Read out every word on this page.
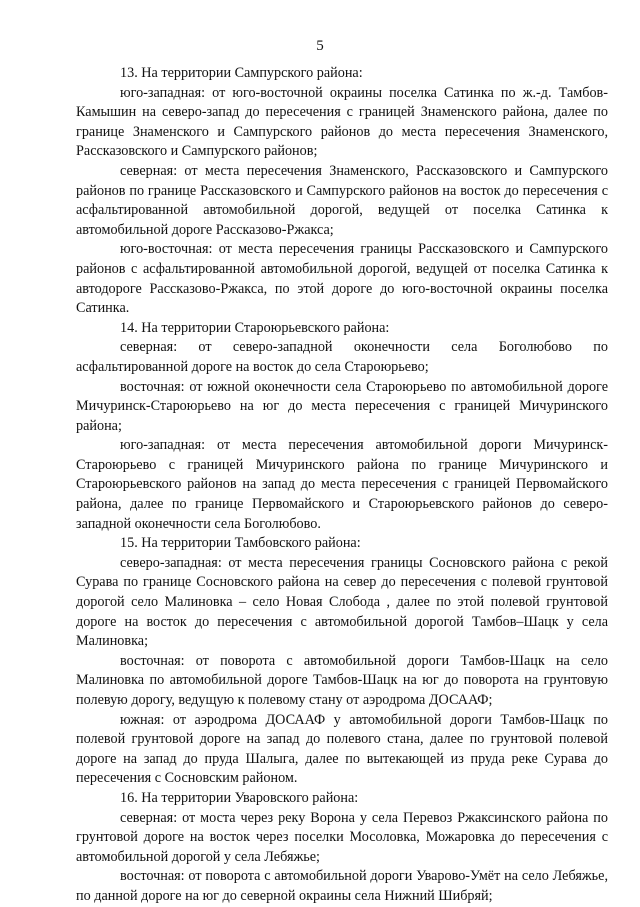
5

13. На территории Сампурского района:

юго-западная: от юго-восточной окраины поселка Сатинка по ж.-д. Тамбов-Камышин на северо-запад до пересечения с границей Знаменского района, далее по границе Знаменского и Сампурского районов до места пересечения Знаменского, Рассказовского и Сампурского районов;

северная: от места пересечения Знаменского, Рассказовского и Сампурского районов по границе Рассказовского и Сампурского районов на восток до пересечения с асфальтированной автомобильной дорогой, ведущей от поселка Сатинка к автомобильной дороге Рассказово-Ржакса;

юго-восточная: от места пересечения границы Рассказовского и Сампурского районов с асфальтированной автомобильной дорогой, ведущей от поселка Сатинка к автодороге Рассказово-Ржакса, по этой дороге до юго-восточной окраины поселка Сатинка.

14. На территории Староюрьевского района:

северная: от северо-западной оконечности села Боголюбово по асфальтированной дороге на восток до села Староюрьево;

восточная: от южной оконечности села Староюрьево по автомобильной дороге Мичуринск-Староюрьево на юг до места пересечения с границей Мичуринского района;

юго-западная: от места пересечения автомобильной дороги Мичуринск-Староюрьево с границей Мичуринского района по границе Мичуринского и Староюрьевского районов на запад до места пересечения с границей Первомайского района, далее по границе Первомайского и Староюрьевского районов до северо-западной оконечности села Боголюбово.

15. На территории Тамбовского района:

северо-западная: от места пересечения границы Сосновского района с рекой Сурава по границе Сосновского района на север до пересечения с полевой грунтовой дорогой село Малиновка – село Новая Слобода , далее по этой полевой грунтовой дороге на восток до пересечения с автомобильной дорогой Тамбов–Шацк у села Малиновка;

восточная: от поворота с автомобильной дороги Тамбов-Шацк на село Малиновка по автомобильной дороге Тамбов-Шацк на юг до поворота на грунтовую полевую дорогу, ведущую к полевому стану от аэродрома ДОСААФ;

южная: от аэродрома ДОСААФ у автомобильной дороги Тамбов-Шацк по полевой грунтовой дороге на запад до полевого стана, далее по грунтовой полевой дороге на запад до пруда Шалыга, далее по вытекающей из пруда реке Сурава до пересечения с Сосновским районом.

16. На территории Уваровского района:

северная: от моста через реку Ворона у села Перевоз Ржаксинского района по грунтовой дороге на восток через поселки Мосоловка, Можаровка до пересечения с автомобильной дорогой у села Лебяжье;

восточная: от поворота с автомобильной дороги Уварово-Умёт на село Лебяжье, по данной дороге на юг до северной окраины села Нижний Шибряй;
